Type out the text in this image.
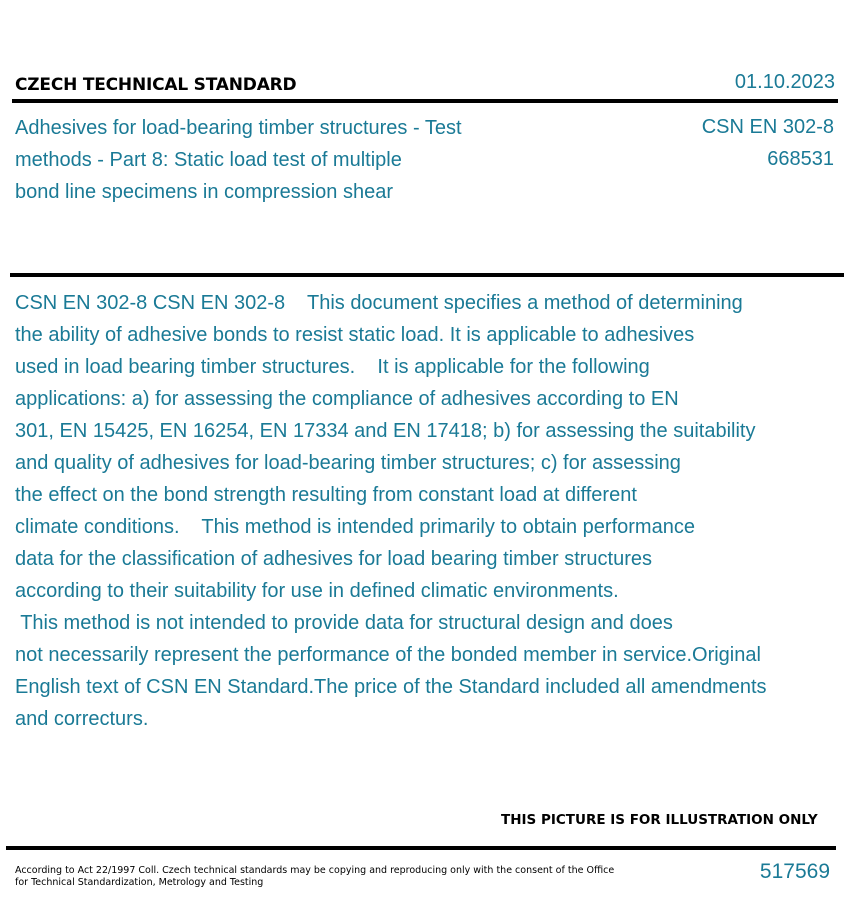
CZECH TECHNICAL STANDARD	01.10.2023
Adhesives for load-bearing timber structures - Test
methods - Part 8: Static load test of multiple
bond line specimens in compression shear
CSN EN 302-8
668531
CSN EN 302-8 CSN EN 302-8    This document specifies a method of determining
the ability of adhesive bonds to resist static load. It is applicable to adhesives
used in load bearing timber structures.    It is applicable for the following
applications: a) for assessing the compliance of adhesives according to EN
301, EN 15425, EN 16254, EN 17334 and EN 17418; b) for assessing the suitability
and quality of adhesives for load-bearing timber structures; c) for assessing
the effect on the bond strength resulting from constant load at different
climate conditions.    This method is intended primarily to obtain performance
data for the classification of adhesives for load bearing timber structures
according to their suitability for use in defined climatic environments.
This method is not intended to provide data for structural design and does
not necessarily represent the performance of the bonded member in service.Original
English text of CSN EN Standard.The price of the Standard included all amendments
and correcturs.
THIS PICTURE IS FOR ILLUSTRATION ONLY
According to Act 22/1997 Coll. Czech technical standards may be copying and reproducing only with the consent of the Office
for Technical Standardization, Metrology and Testing	517569
